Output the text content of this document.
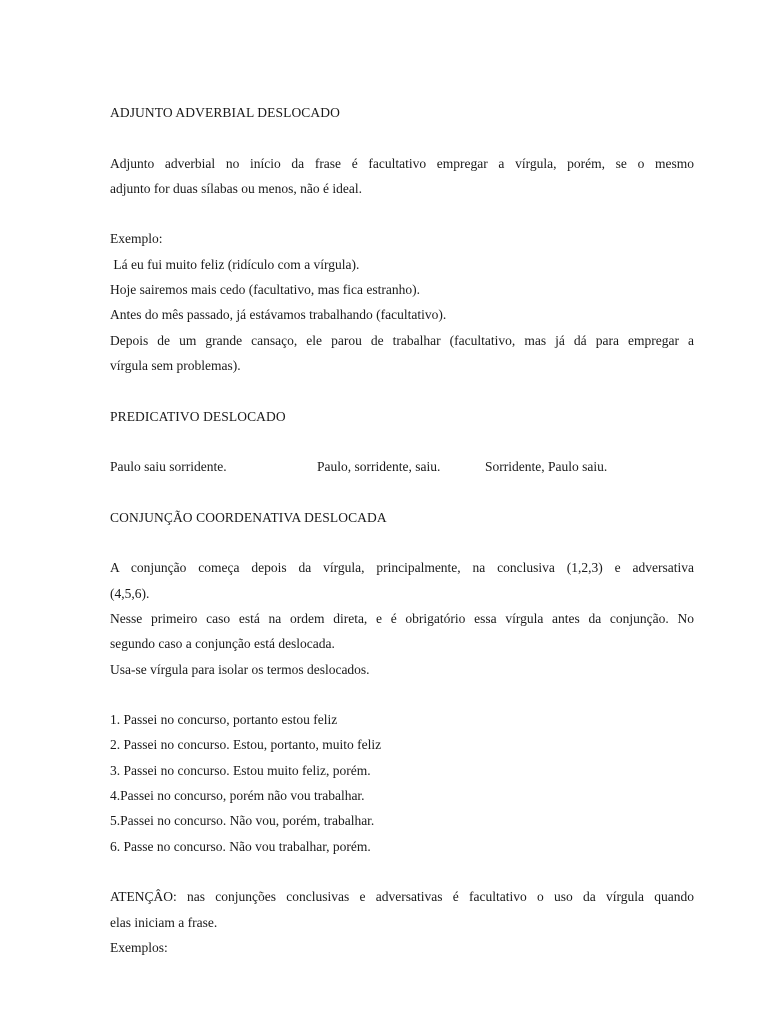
ADJUNTO ADVERBIAL DESLOCADO
Adjunto adverbial no início da frase é facultativo empregar a vírgula, porém, se o mesmo
adjunto for duas sílabas ou menos, não é ideal.
Exemplo:
Lá eu fui muito feliz (ridículo com a vírgula).
Hoje sairemos mais cedo (facultativo, mas fica estranho).
Antes do mês passado, já estávamos trabalhando (facultativo).
Depois de um grande cansaço, ele parou de trabalhar (facultativo, mas já dá para empregar a
vírgula sem problemas).
PREDICATIVO DESLOCADO
Paulo saiu sorridente.	Paulo, sorridente, saiu.	Sorridente, Paulo saiu.
CONJUNÇÃO COORDENATIVA DESLOCADA
A conjunção começa depois da vírgula, principalmente, na conclusiva (1,2,3) e adversativa
(4,5,6).
Nesse primeiro caso está na ordem direta, e é obrigatório essa vírgula antes da conjunção. No
segundo caso a conjunção está deslocada.
Usa-se vírgula para isolar os termos deslocados.
1. Passei no concurso, portanto estou feliz
2. Passei no concurso. Estou, portanto, muito feliz
3. Passei no concurso. Estou muito feliz, porém.
4.Passei no concurso, porém não vou trabalhar.
5.Passei no concurso. Não vou, porém, trabalhar.
6. Passe no concurso. Não vou trabalhar, porém.
ATENÇÂO: nas conjunções conclusivas e adversativas é facultativo o uso da vírgula quando
elas iniciam a frase.
Exemplos:
